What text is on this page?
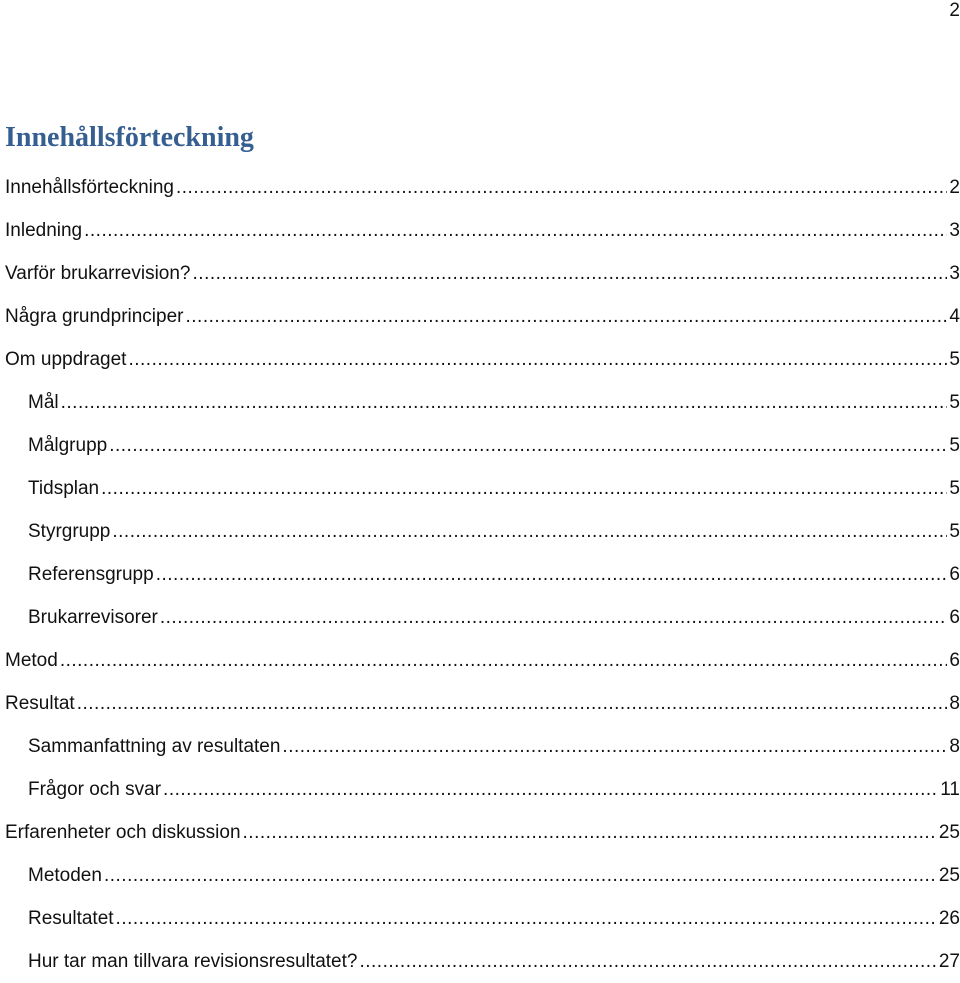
2
Innehållsförteckning
Innehållsförteckning .....	2
Inledning .....	3
Varför brukarrevision? .....	3
Några grundprinciper .....	4
Om uppdraget .....	5
Mål .....	5
Målgrupp .....	5
Tidsplan .....	5
Styrgrupp .....	5
Referensgrupp .....	6
Brukarrevisorer .....	6
Metod .....	6
Resultat .....	8
Sammanfattning av resultaten .....	8
Frågor och svar .....	11
Erfarenheter och diskussion .....	25
Metoden .....	25
Resultatet .....	26
Hur tar man tillvara revisionsresultatet? .....	27
